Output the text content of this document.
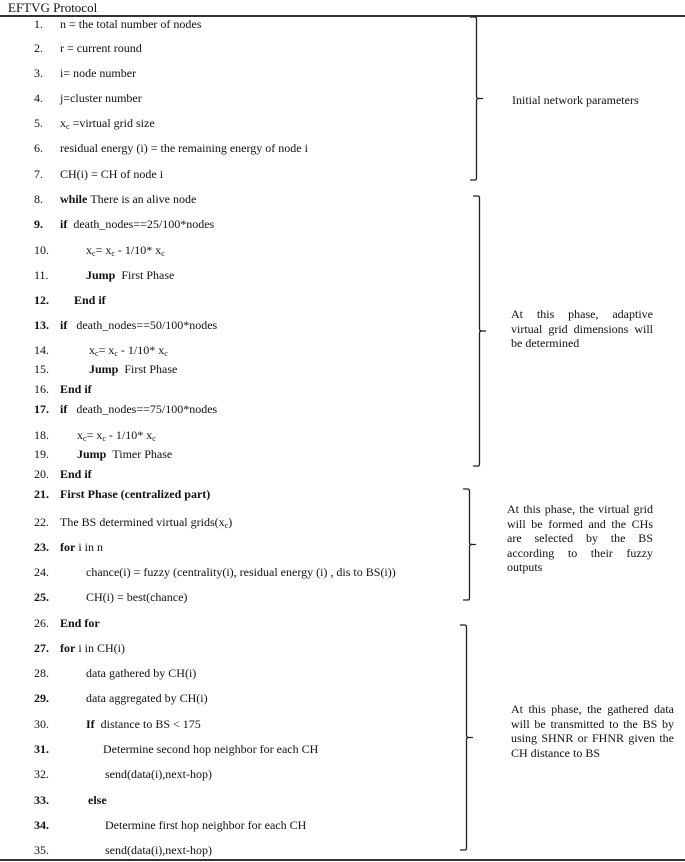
EFTVG Protocol
1.	n = the total number of nodes
2.	r = current round
3.	i= node number
4.	j=cluster number
5.	$x_c$ =virtual grid size
6.	residual energy (i) = the remaining energy of node i
7.	CH(i) = CH of node i
8.	while There is an alive node
9.	if  death_nodes==25/100*nodes
10.	$x_c= x_c - 1/10*$ $x_c$
11.	Jump  First Phase
12.	End if
13. if   death_nodes==50/100*nodes
14.	$x_c= x_c - 1/10*$ $x_c$
15.	Jump  First Phase
16. End if
17. if   death_nodes==75/100*nodes
18.	$x_c= x_c - 1/10*$ $x_c$
19.	Jump  Timer Phase
20. End if
21. First Phase (centralized part)
22. The BS determined virtual $grids(x_c)$
23. for i in n
24.	chance(i) = fuzzy (centrality(i), residual energy (i) , dis to BS(i))
25.	CH(i) = best(chance)
26. End for
27. for i in CH(i)
28.	data gathered by CH(i)
29.	data aggregated by CH(i)
30.	If  distance to BS < 175
31.	Determine second hop neighbor for each CH
32.	send(data(i),next-hop)
33.	else
34.	Determine first hop neighbor for each CH
35.	send(data(i),next-hop)
Initial network parameters
At this phase, adaptive virtual grid dimensions will be determined
At this phase, the virtual grid will be formed and the CHs are selected by the BS according to their fuzzy outputs
At this phase, the gathered data will be transmitted to the BS by using SHNR or FHNR given the CH distance to BS
